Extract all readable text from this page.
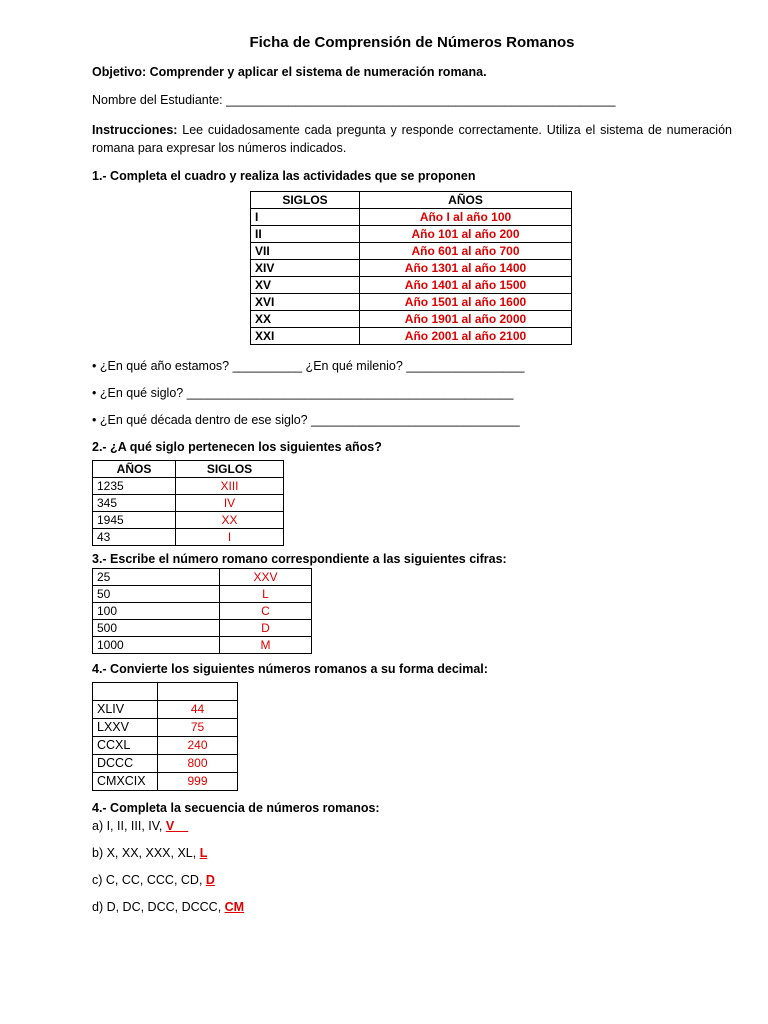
Ficha de Comprensión de Números Romanos

Objetivo: Comprender y aplicar el sistema de numeración romana.

Nombre del Estudiante: ________________________________________________________

Instrucciones: Lee cuidadosamente cada pregunta y responde correctamente. Utiliza el sistema de numeración romana para expresar los números indicados.

1.- Completa el cuadro y realiza las actividades que se proponen

SIGLOS	AÑOS
I	Año I al año 100
II	Año 101 al año 200
VII	Año 601 al año 700
XIV	Año 1301 al año 1400
XV	Año 1401 al año 1500
XVI	Año 1501 al año 1600
XX	Año 1901 al año 2000
XXI	Año 2001 al año 2100

• ¿En qué año estamos? __________ ¿En qué milenio? _________________

• ¿En qué siglo? _______________________________________________

• ¿En qué década dentro de ese siglo? ______________________________

2.- ¿A qué siglo pertenecen los siguientes años?

AÑOS	SIGLOS
1235	XIII
345	IV
1945	XX
43	I

3.- Escribe el número romano correspondiente a las siguientes cifras:

25	XXV
50	L
100	C
500	D
1000	M

4.- Convierte los siguientes números romanos a su forma decimal:

XLIV	44
LXXV	75
CCXL	240
DCCC	800
CMXCIX	999

4.- Completa la secuencia de números romanos:

a) I, II, III, IV, V__

b) X, XX, XXX, XL, L

c) C, CC, CCC, CD, D

d) D, DC, DCC, DCCC, CM
